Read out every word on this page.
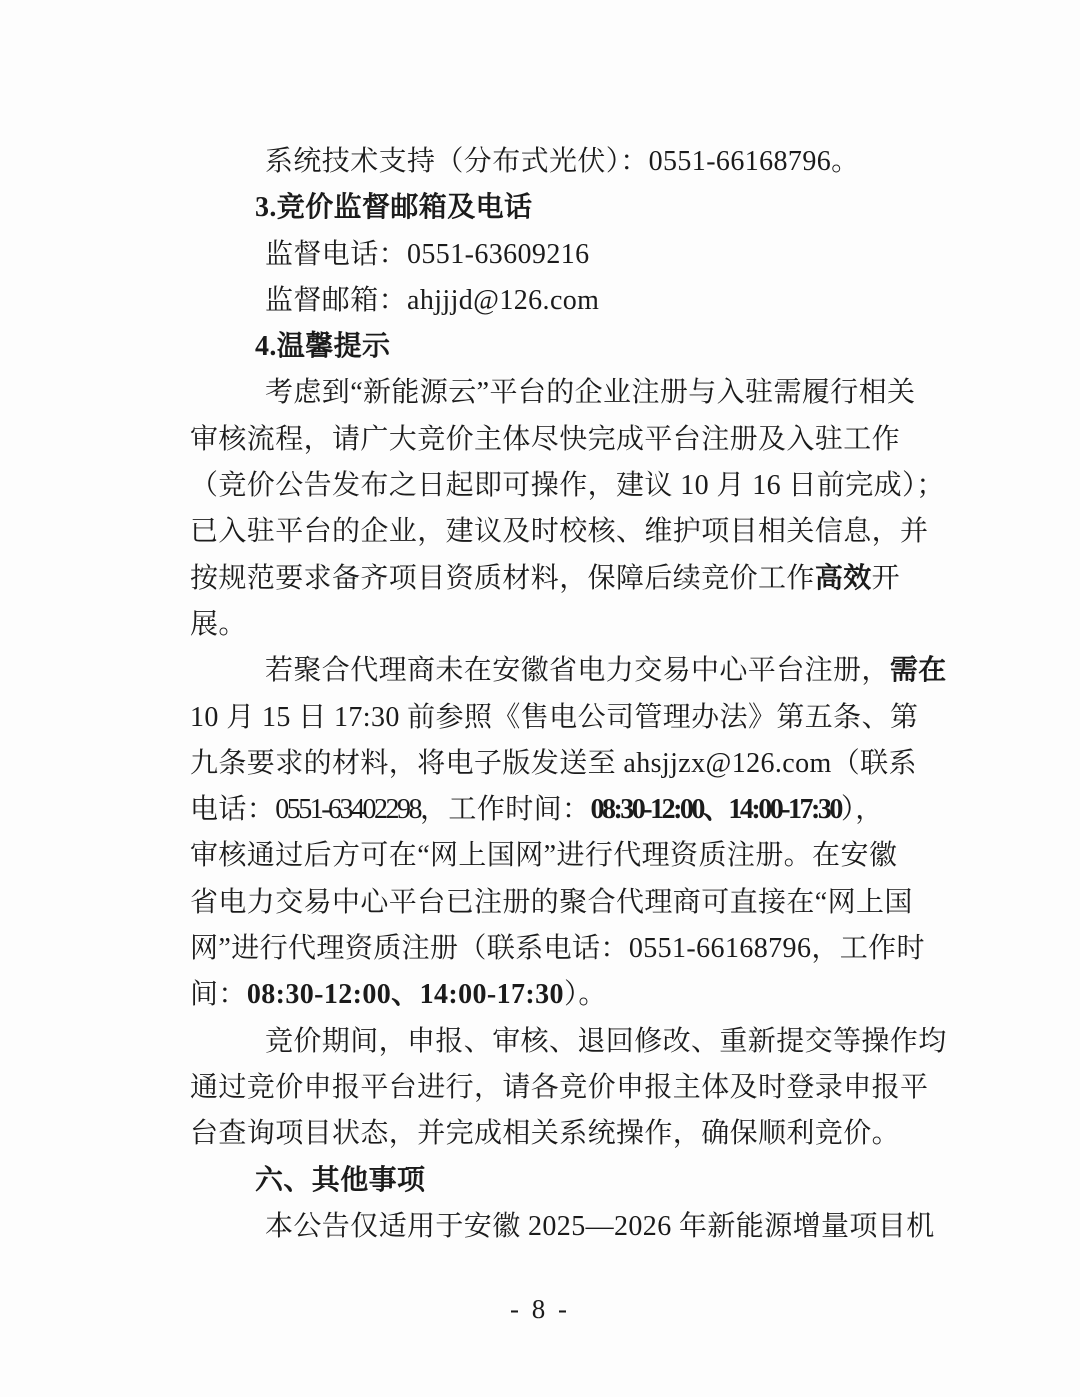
系统技术支持（分布式光伏）：0551-66168796。
3.竞价监督邮箱及电话
监督电话：0551-63609216
监督邮箱：ahjjjd@126.com
4.温馨提示
考虑到“新能源云”平台的企业注册与入驻需履行相关
审核流程，请广大竞价主体尽快完成平台注册及入驻工作
（竞价公告发布之日起即可操作，建议 10 月 16 日前完成）；
已入驻平台的企业，建议及时校核、维护项目相关信息，并
按规范要求备齐项目资质材料，保障后续竞价工作高效开
展。
若聚合代理商未在安徽省电力交易中心平台注册，需在
10 月 15 日 17:30 前参照《售电公司管理办法》第五条、第
九条要求的材料，将电子版发送至 ahsjjzx@126.com（联系
电话：0551-63402298，工作时间：08:30-12:00、14:00-17:30），
审核通过后方可在“网上国网”进行代理资质注册。在安徽
省电力交易中心平台已注册的聚合代理商可直接在“网上国
网”进行代理资质注册（联系电话：0551-66168796，工作时
间：08:30-12:00、14:00-17:30）。
竞价期间，申报、审核、退回修改、重新提交等操作均
通过竞价申报平台进行，请各竞价申报主体及时登录申报平
台查询项目状态，并完成相关系统操作，确保顺利竞价。
六、其他事项
本公告仅适用于安徽 2025—2026 年新能源增量项目机
- 8 -
